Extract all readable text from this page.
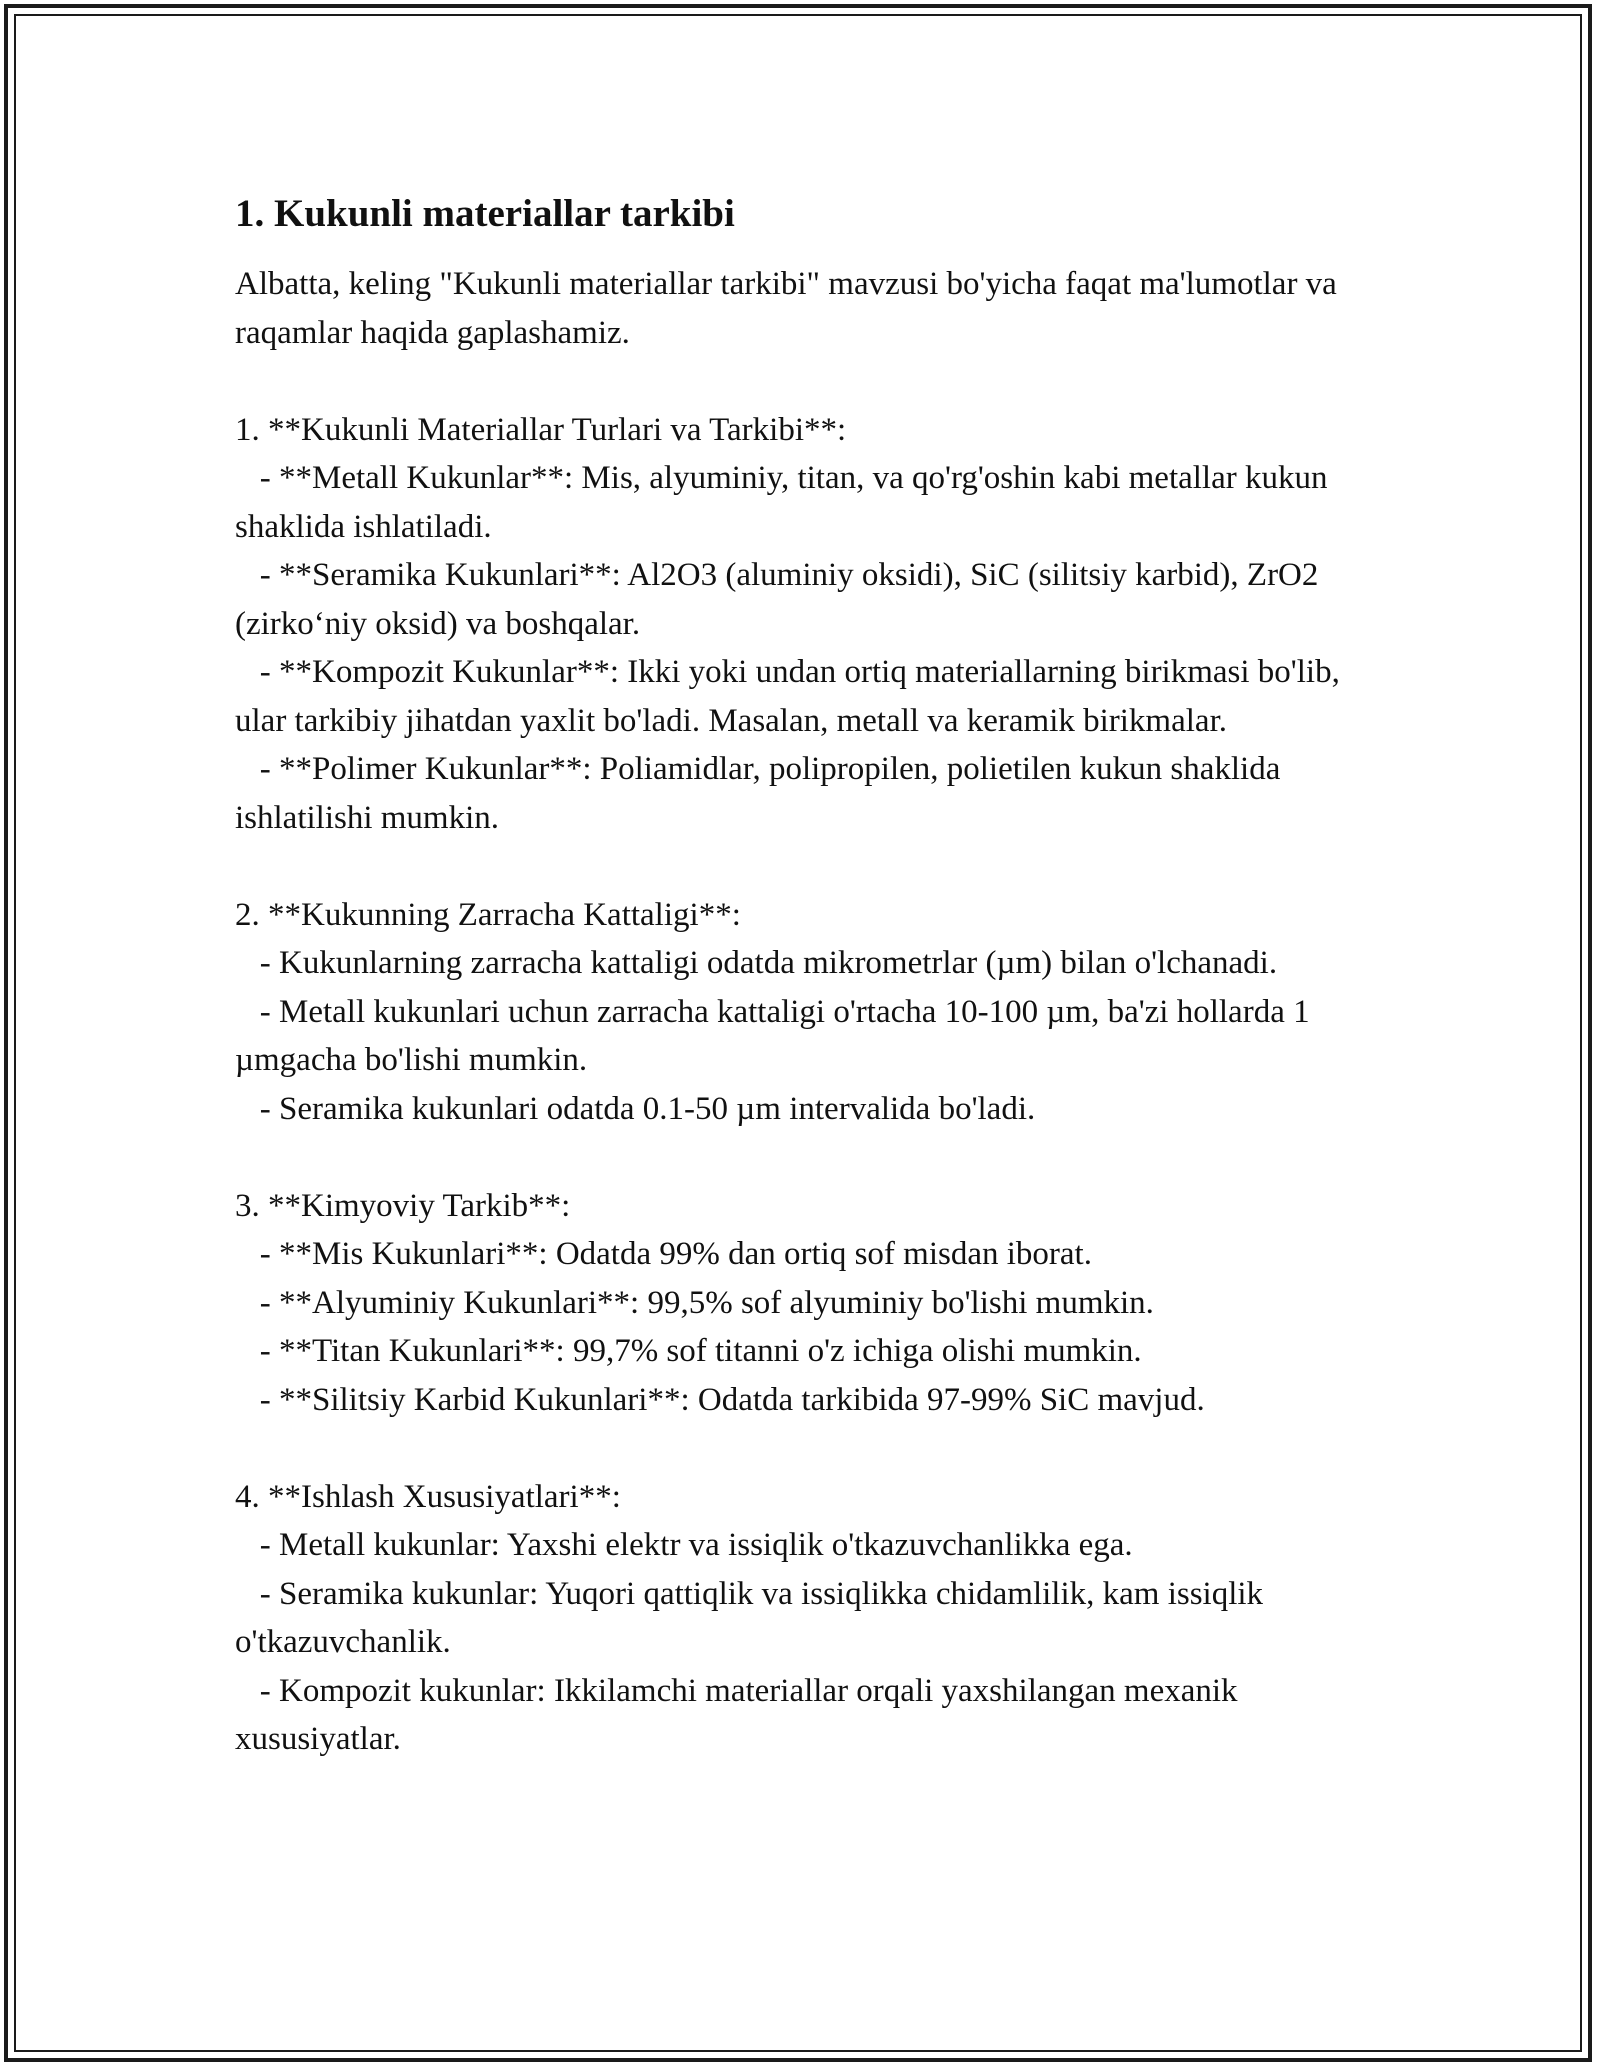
1. Kukunli materiallar tarkibi
Albatta, keling "Kukunli materiallar tarkibi" mavzusi bo'yicha faqat ma'lumotlar va raqamlar haqida gaplashamiz.
1. **Kukunli Materiallar Turlari va Tarkibi**:
- **Metall Kukunlar**: Mis, alyuminiy, titan, va qo'rg'oshin kabi metallar kukun shaklida ishlatiladi.
- **Seramika Kukunlari**: Al2O3 (aluminiy oksidi), SiC (silitsiy karbid), ZrO2 (zirkoʻniy oksid) va boshqalar.
- **Kompozit Kukunlar**: Ikki yoki undan ortiq materiallarning birikmasi bo'lib, ular tarkibiy jihatdan yaxlit bo'ladi. Masalan, metall va keramik birikmalar.
- **Polimer Kukunlar**: Poliamidlar, polipropilen, polietilen kukun shaklida ishlatilishi mumkin.
2. **Kukunning Zarracha Kattaligi**:
- Kukunlarning zarracha kattaligi odatda mikrometrlar (µm) bilan o'lchanadi.
- Metall kukunlari uchun zarracha kattaligi o'rtacha 10-100 µm, ba'zi hollarda 1 µmgacha bo'lishi mumkin.
- Seramika kukunlari odatda 0.1-50 µm intervalida bo'ladi.
3. **Kimyoviy Tarkib**:
- **Mis Kukunlari**: Odatda 99% dan ortiq sof misdan iborat.
- **Alyuminiy Kukunlari**: 99,5% sof alyuminiy bo'lishi mumkin.
- **Titan Kukunlari**: 99,7% sof titanni o'z ichiga olishi mumkin.
- **Silitsiy Karbid Kukunlari**: Odatda tarkibida 97-99% SiC mavjud.
4. **Ishlash Xususiyatlari**:
- Metall kukunlar: Yaxshi elektr va issiqlik o'tkazuvchanlikka ega.
- Seramika kukunlar: Yuqori qattiqlik va issiqlikka chidamlilik, kam issiqlik o'tkazuvchanlik.
- Kompozit kukunlar: Ikkilamchi materiallar orqali yaxshilangan mexanik xususiyatlar.
